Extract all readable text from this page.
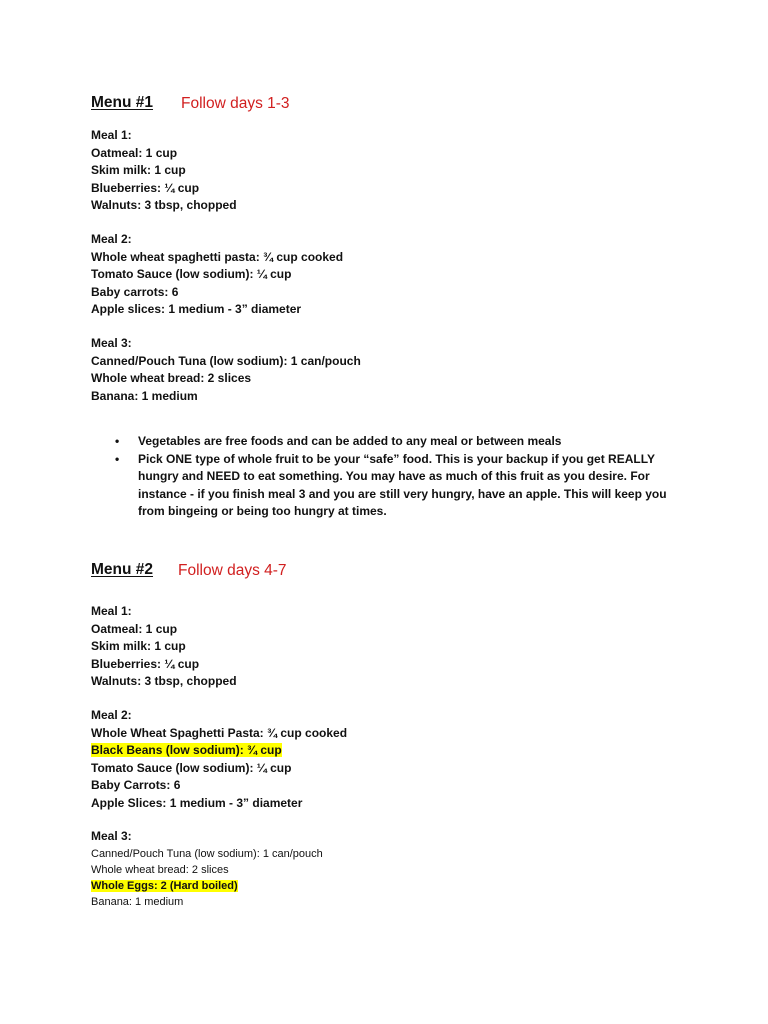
Menu #1 Follow days 1-3
Meal 1:
Oatmeal: 1 cup
Skim milk: 1 cup
Blueberries: ¼ cup
Walnuts: 3 tbsp, chopped
Meal 2:
Whole wheat spaghetti pasta: ¾ cup cooked
Tomato Sauce (low sodium): ¼ cup
Baby carrots: 6
Apple slices: 1 medium - 3” diameter
Meal 3:
Canned/Pouch Tuna (low sodium): 1 can/pouch
Whole wheat bread: 2 slices
Banana: 1 medium
• Vegetables are free foods and can be added to any meal or between meals
• Pick ONE type of whole fruit to be your “safe” food. This is your backup if you get REALLY hungry and NEED to eat something. You may have as much of this fruit as you desire. For instance - if you finish meal 3 and you are still very hungry, have an apple. This will keep you from bingeing or being too hungry at times.
Menu #2 Follow days 4-7
Meal 1:
Oatmeal: 1 cup
Skim milk: 1 cup
Blueberries: ¼ cup
Walnuts: 3 tbsp, chopped
Meal 2:
Whole Wheat Spaghetti Pasta: ¾ cup cooked
Black Beans (low sodium): ¾ cup
Tomato Sauce (low sodium): ¼ cup
Baby Carrots: 6
Apple Slices: 1 medium - 3” diameter
Meal 3:
Canned/Pouch Tuna (low sodium): 1 can/pouch
Whole wheat bread: 2 slices
Whole Eggs: 2 (Hard boiled)
Banana: 1 medium
